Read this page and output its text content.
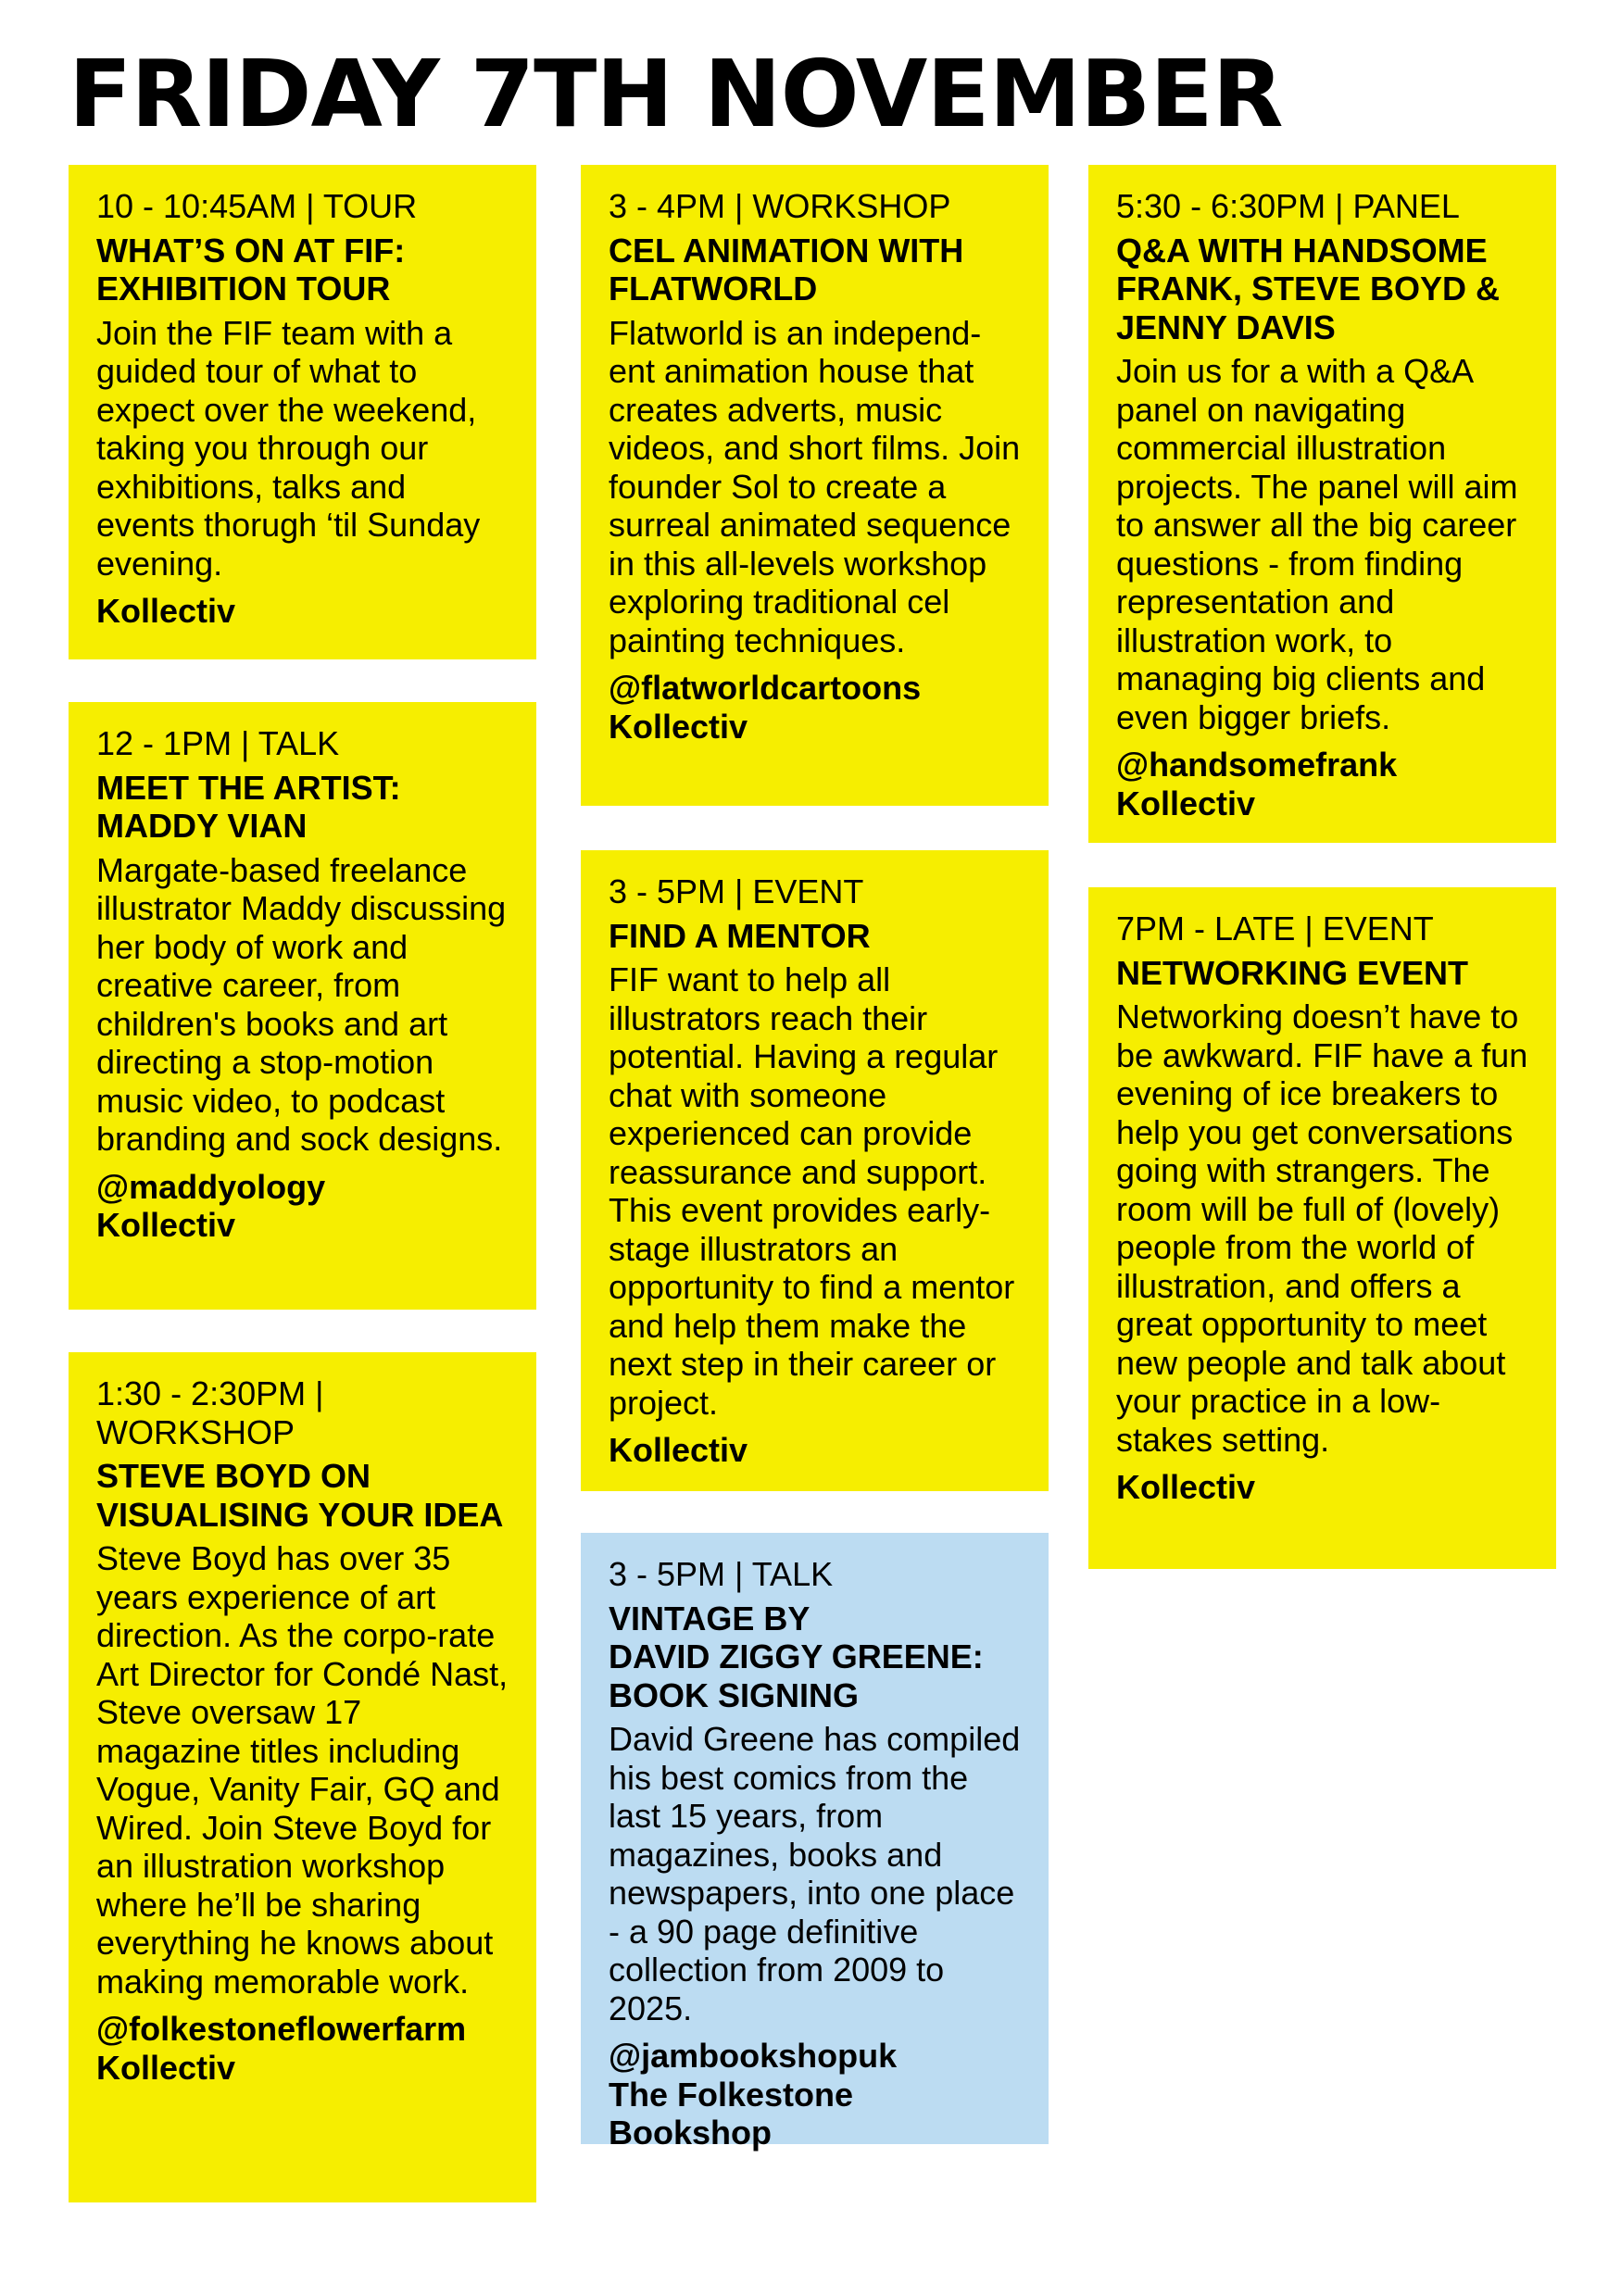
FRIDAY 7TH NOVEMBER
10 - 10:45AM | TOUR
WHAT’S ON AT FIF:
EXHIBITION TOUR
Join the FIF team with a guided tour of what to expect over the weekend, taking you through our exhibitions, talks and events thorugh ‘til Sunday evening.
Kollectiv
12 - 1PM | TALK
MEET THE ARTIST:
MADDY VIAN
Margate-based freelance illustrator Maddy discussing her body of work and creative career, from children's books and art directing a stop-motion music video, to podcast branding and sock designs.
@maddyology
Kollectiv
1:30 - 2:30PM | WORKSHOP
STEVE BOYD ON
VISUALISING YOUR IDEA
Steve Boyd has over 35 years experience of art direction. As the corpo-rate Art Director for Condé Nast, Steve oversaw 17 magazine titles including Vogue, Vanity Fair, GQ and Wired. Join Steve Boyd for an illustration workshop where he’ll be sharing everything he knows about making memorable work.
@folkestoneflowerfarm
Kollectiv
3 - 4PM | WORKSHOP
CEL ANIMATION WITH
FLATWORLD
Flatworld is an independ-ent animation house that creates adverts, music videos, and short films. Join founder Sol to create a surreal animated sequence in this all-levels workshop exploring traditional cel painting techniques.
@flatworldcartoons
Kollectiv
3 - 5PM | EVENT
FIND A MENTOR
FIF want to help all illustrators reach their potential. Having a regular chat with someone experienced can provide reassurance and support. This event provides early-stage illustrators an opportunity to find a mentor and help them make the next step in their career or project.
Kollectiv
3 - 5PM | TALK
VINTAGE BY
DAVID ZIGGY GREENE:
BOOK SIGNING
David Greene has compiled his best comics from the last 15 years, from magazines, books and newspapers, into one place - a 90 page definitive collection from 2009 to 2025.
@jambookshopuk
The Folkestone Bookshop
5:30 - 6:30PM | PANEL
Q&A WITH HANDSOME
FRANK, STEVE BOYD &
JENNY DAVIS
Join us for a with a Q&A panel on navigating commercial illustration projects. The panel will aim to answer all the big career questions - from finding representation and illustration work, to managing big clients and even bigger briefs.
@handsomefrank
Kollectiv
7PM - LATE | EVENT
NETWORKING EVENT
Networking doesn’t have to be awkward. FIF have a fun evening of ice breakers to help you get conversations going with strangers. The room will be full of (lovely) people from the world of illustration, and offers a great opportunity to meet new people and talk about your practice in a low-stakes setting.
Kollectiv
